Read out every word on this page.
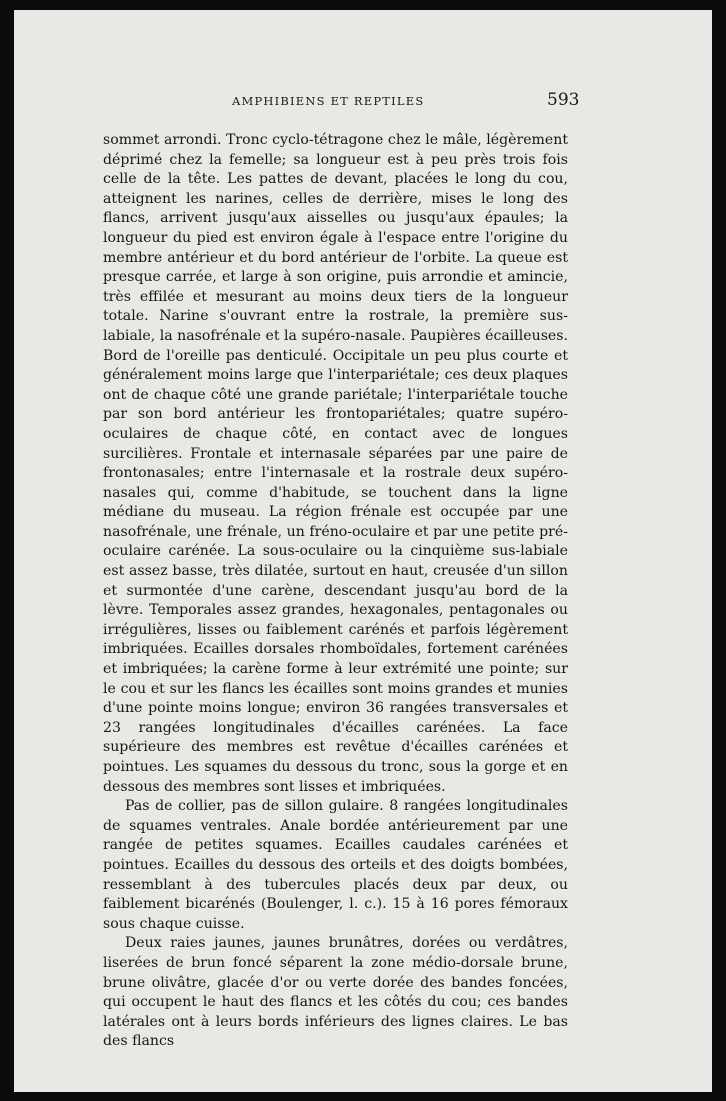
AMPHIBIENS ET REPTILES	593

sommet arrondi. Tronc cyclo-tétragone chez le mâle, légèrement déprimé chez la femelle; sa longueur est à peu près trois fois celle de la tête. Les pattes de devant, placées le long du cou, atteignent les narines, celles de derrière, mises le long des flancs, arrivent jusqu'aux aisselles ou jusqu'aux épaules; la longueur du pied est environ égale à l'espace entre l'origine du membre antérieur et du bord antérieur de l'orbite. La queue est presque carrée, et large à son origine, puis arrondie et amincie, très effilée et mesurant au moins deux tiers de la longueur totale. Narine s'ouvrant entre la rostrale, la première sus-labiale, la nasofrénale et la supéro-nasale. Paupières écailleuses. Bord de l'oreille pas denticulé. Occipitale un peu plus courte et généralement moins large que l'interpariétale; ces deux plaques ont de chaque côté une grande pariétale; l'interpariétale touche par son bord antérieur les frontopariétales; quatre supéro-oculaires de chaque côté, en contact avec de longues surcilières. Frontale et internasale séparées par une paire de frontonasales; entre l'internasale et la rostrale deux supéro-nasales qui, comme d'habitude, se touchent dans la ligne médiane du museau. La région frénale est occupée par une nasofrénale, une frénale, un fréno-oculaire et par une petite pré-oculaire carénée. La sous-oculaire ou la cinquième sus-labiale est assez basse, très dilatée, surtout en haut, creusée d'un sillon et surmontée d'une carène, descendant jusqu'au bord de la lèvre. Temporales assez grandes, hexagonales, pentagonales ou irrégulières, lisses ou faiblement carénés et parfois légèrement imbriquées. Ecailles dorsales rhomboïdales, fortement carénées et imbriquées; la carène forme à leur extrémité une pointe; sur le cou et sur les flancs les écailles sont moins grandes et munies d'une pointe moins longue; environ 36 rangées transversales et 23 rangées longitudinales d'écailles carénées. La face supérieure des membres est revêtue d'écailles carénées et pointues. Les squames du dessous du tronc, sous la gorge et en dessous des membres sont lisses et imbriquées.

Pas de collier, pas de sillon gulaire. 8 rangées longitudinales de squames ventrales. Anale bordée antérieurement par une rangée de petites squames. Ecailles caudales carénées et pointues. Ecailles du dessous des orteils et des doigts bombées, ressemblant à des tubercules placés deux par deux, ou faiblement bicarénés (Boulenger, l. c.). 15 à 16 pores fémoraux sous chaque cuisse.

Deux raies jaunes, jaunes brunâtres, dorées ou verdâtres, liserées de brun foncé séparent la zone médio-dorsale brune, brune olivâtre, glacée d'or ou verte dorée des bandes foncées, qui occupent le haut des flancs et les côtés du cou; ces bandes latérales ont à leurs bords inférieurs des lignes claires. Le bas des flancs
